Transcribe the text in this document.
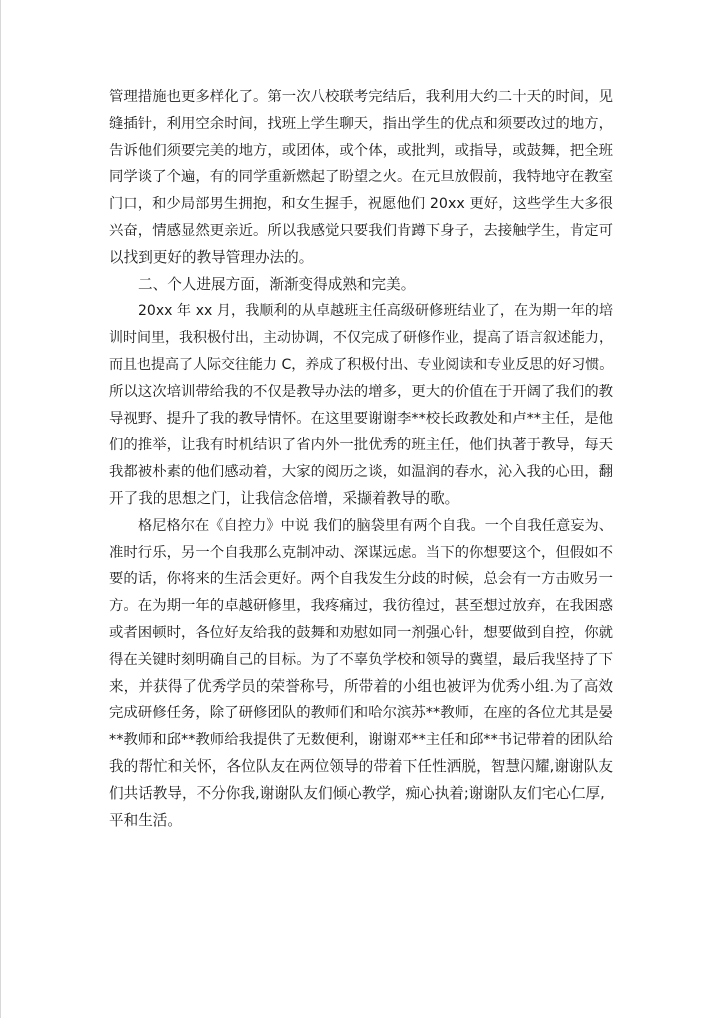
管理措施也更多样化了。第一次八校联考完结后，我利用大约二十天的时间，见
缝插针，利用空余时间，找班上学生聊天，指出学生的优点和须要改过的地方，
告诉他们须要完美的地方，或团体，或个体，或批判，或指导，或鼓舞，把全班
同学谈了个遍，有的同学重新燃起了盼望之火。在元旦放假前，我特地守在教室
门口，和少局部男生拥抱，和女生握手，祝愿他们 20xx 更好，这些学生大多很
兴奋，情感显然更亲近。所以我感觉只要我们肯蹲下身子，去接触学生，肯定可
以找到更好的教导管理办法的。
二、个人进展方面，渐渐变得成熟和完美。
20xx 年 xx 月，我顺利的从卓越班主任高级研修班结业了，在为期一年的培
训时间里，我积极付出，主动协调，不仅完成了研修作业，提高了语言叙述能力，
而且也提高了人际交往能力 C，养成了积极付出、专业阅读和专业反思的好习惯。
所以这次培训带给我的不仅是教导办法的增多，更大的价值在于开阔了我们的教
导视野、提升了我的教导情怀。在这里要谢谢李**校长政教处和卢**主任，是他
们的推举，让我有时机结识了省内外一批优秀的班主任，他们执著于教导，每天
我都被朴素的他们感动着，大家的阅历之谈，如温润的春水，沁入我的心田，翻
开了我的思想之门，让我信念倍增，采撷着教导的歌。
格尼格尔在《自控力》中说 我们的脑袋里有两个自我。一个自我任意妄为、
准时行乐，另一个自我那么克制冲动、深谋远虑。当下的你想要这个，但假如不
要的话，你将来的生活会更好。两个自我发生分歧的时候，总会有一方击败另一
方。在为期一年的卓越研修里，我疼痛过，我彷徨过，甚至想过放弃，在我困惑
或者困顿时，各位好友给我的鼓舞和劝慰如同一剂强心针，想要做到自控，你就
得在关键时刻明确自己的目标。为了不辜负学校和领导的冀望，最后我坚持了下
来，并获得了优秀学员的荣誉称号，所带着的小组也被评为优秀小组.为了高效
完成研修任务，除了研修团队的教师们和哈尔滨苏**教师，在座的各位尤其是晏
**教师和邱**教师给我提供了无数便利，谢谢邓**主任和邱**书记带着的团队给
我的帮忙和关怀，各位队友在两位领导的带着下任性洒脱，智慧闪耀,谢谢队友
们共话教导，不分你我,谢谢队友们倾心教学，痴心执着;谢谢队友们宅心仁厚,
平和生活。
